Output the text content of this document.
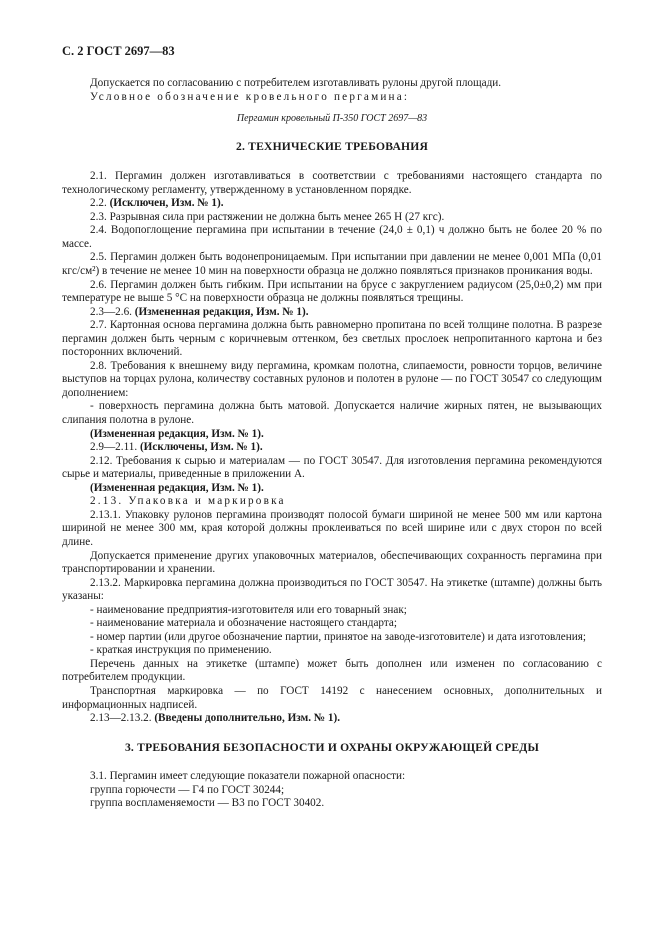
С. 2 ГОСТ 2697—83

Допускается по согласованию с потребителем изготавливать рулоны другой площади.

Условное обозначение кровельного пергамина:

Пергамин кровельный П-350 ГОСТ 2697—83

2. ТЕХНИЧЕСКИЕ ТРЕБОВАНИЯ

2.1. Пергамин должен изготавливаться в соответствии с требованиями настоящего стандарта по технологическому регламенту, утвержденному в установленном порядке.

2.2. (Исключен, Изм. № 1).

2.3. Разрывная сила при растяжении не должна быть менее 265 Н (27 кгс).

2.4. Водопоглощение пергамина при испытании в течение (24,0 ± 0,1) ч должно быть не более 20 % по массе.

2.5. Пергамин должен быть водонепроницаемым. При испытании при давлении не менее 0,001 МПа (0,01 кгс/см²) в течение не менее 10 мин на поверхности образца не должно появляться признаков проникания воды.

2.6. Пергамин должен быть гибким. При испытании на брусе с закруглением радиусом (25,0±0,2) мм при температуре не выше 5 °С на поверхности образца не должны появляться трещины.

2.3—2.6. (Измененная редакция, Изм. № 1).

2.7. Картонная основа пергамина должна быть равномерно пропитана по всей толщине полотна. В разрезе пергамин должен быть черным с коричневым оттенком, без светлых прослоек непропитанного картона и без посторонних включений.

2.8. Требования к внешнему виду пергамина, кромкам полотна, слипаемости, ровности торцов, величине выступов на торцах рулона, количеству составных рулонов и полотен в рулоне — по ГОСТ 30547 со следующим дополнением:

- поверхность пергамина должна быть матовой. Допускается наличие жирных пятен, не вызывающих слипания полотна в рулоне.

(Измененная редакция, Изм. № 1).

2.9—2.11. (Исключены, Изм. № 1).

2.12. Требования к сырью и материалам — по ГОСТ 30547. Для изготовления пергамина рекомендуются сырье и материалы, приведенные в приложении А.

(Измененная редакция, Изм. № 1).

2.13. Упаковка и маркировка

2.13.1. Упаковку рулонов пергамина производят полосой бумаги шириной не менее 500 мм или картона шириной не менее 300 мм, края которой должны проклеиваться по всей ширине или с двух сторон по всей длине.

Допускается применение других упаковочных материалов, обеспечивающих сохранность пергамина при транспортировании и хранении.

2.13.2. Маркировка пергамина должна производиться по ГОСТ 30547. На этикетке (штампе) должны быть указаны:

- наименование предприятия-изготовителя или его товарный знак;

- наименование материала и обозначение настоящего стандарта;

- номер партии (или другое обозначение партии, принятое на заводе-изготовителе) и дата изготовления;

- краткая инструкция по применению.

Перечень данных на этикетке (штампе) может быть дополнен или изменен по согласованию с потребителем продукции.

Транспортная маркировка — по ГОСТ 14192 с нанесением основных, дополнительных и информационных надписей.

2.13—2.13.2. (Введены дополнительно, Изм. № 1).

3. ТРЕБОВАНИЯ БЕЗОПАСНОСТИ И ОХРАНЫ ОКРУЖАЮЩЕЙ СРЕДЫ

3.1. Пергамин имеет следующие показатели пожарной опасности:

группа горючести — Г4 по ГОСТ 30244;

группа воспламеняемости — В3 по ГОСТ 30402.
